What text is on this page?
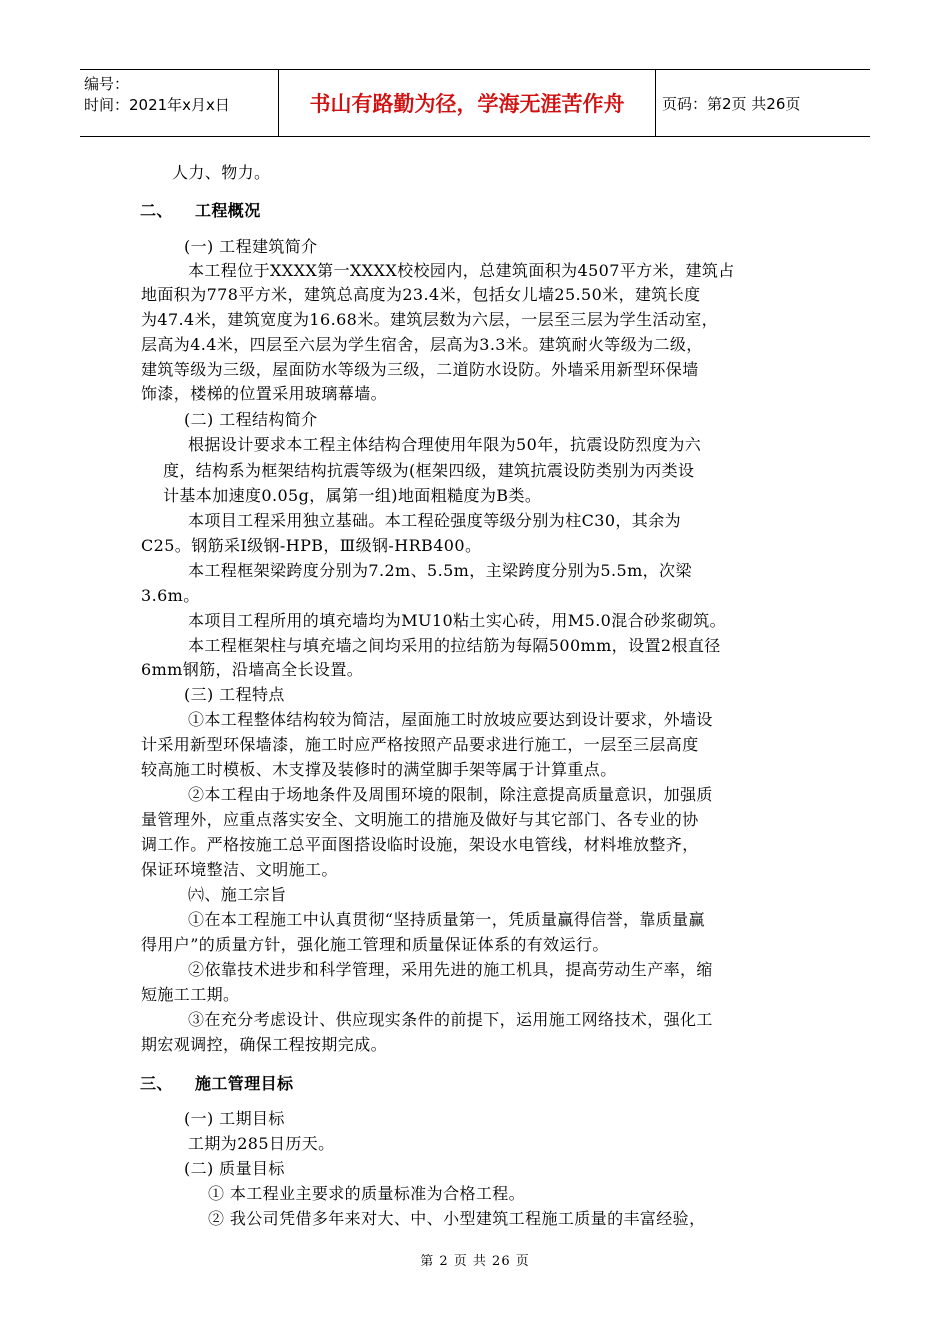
编号：
时间：2021年x月x日	书山有路勤为径，学海无涯苦作舟	页码：第2页 共26页
人力、物力。
二、 工程概况
(一) 工程建筑简介
本工程位于XXXX第一XXXX校校园内，总建筑面积为4507平方米，建筑占
地面积为778平方米，建筑总高度为23.4米，包括女儿墙25.50米，建筑长度
为47.4米，建筑宽度为16.68米。建筑层数为六层，一层至三层为学生活动室，
层高为4.4米，四层至六层为学生宿舍，层高为3.3米。建筑耐火等级为二级，
建筑等级为三级，屋面防水等级为三级，二道防水设防。外墙采用新型环保墙
饰漆，楼梯的位置采用玻璃幕墙。
(二) 工程结构简介
根据设计要求本工程主体结构合理使用年限为50年，抗震设防烈度为六
度，结构系为框架结构抗震等级为(框架四级，建筑抗震设防类别为丙类设
计基本加速度0.05g，属第一组)地面粗糙度为B类。
本项目工程采用独立基础。本工程砼强度等级分别为柱C30，其余为
C25。钢筋采Ⅰ级钢-HPB，Ⅲ级钢-HRB400。
本工程框架梁跨度分别为7.2m、5.5m，主梁跨度分别为5.5m，次梁
3.6m。
本项目工程所用的填充墙均为MU10粘土实心砖，用M5.0混合砂浆砌筑。
本工程框架柱与填充墙之间均采用的拉结筋为每隔500mm，设置2根直径
6mm钢筋，沿墙高全长设置。
(三) 工程特点
①本工程整体结构较为简洁，屋面施工时放坡应要达到设计要求，外墙设
计采用新型环保墙漆，施工时应严格按照产品要求进行施工，一层至三层高度
较高施工时模板、木支撑及装修时的满堂脚手架等属于计算重点。
②本工程由于场地条件及周围环境的限制，除注意提高质量意识，加强质
量管理外，应重点落实安全、文明施工的措施及做好与其它部门、各专业的协
调工作。严格按施工总平面图搭设临时设施，架设水电管线，材料堆放整齐，
保证环境整洁、文明施工。
㈥、施工宗旨
①在本工程施工中认真贯彻“坚持质量第一，凭质量赢得信誉，靠质量赢
得用户”的质量方针，强化施工管理和质量保证体系的有效运行。
②依靠技术进步和科学管理，采用先进的施工机具，提高劳动生产率，缩
短施工工期。
③在充分考虑设计、供应现实条件的前提下，运用施工网络技术，强化工
期宏观调控，确保工程按期完成。
三、 施工管理目标
(一) 工期目标
工期为285日历天。
(二) 质量目标
① 本工程业主要求的质量标准为合格工程。
② 我公司凭借多年来对大、中、小型建筑工程施工质量的丰富经验，
第 2 页 共 26 页
